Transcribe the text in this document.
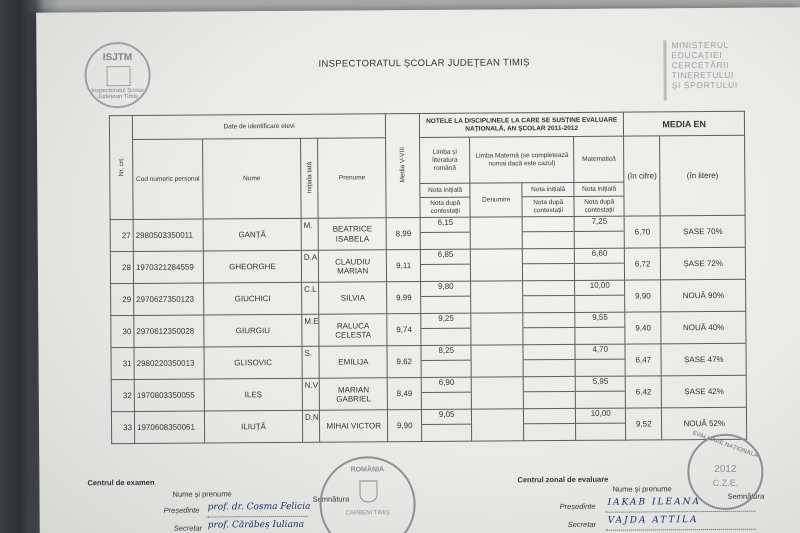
ISJTM
Inspectoratul Școlar Județean Timiș
INSPECTORATUL ȘCOLAR JUDEȚEAN TIMIȘ
MINISTERUL
EDUCAȚIEI
CERCETĂRII
TINERETULUI
ȘI SPORTULUI
Nr. crt.	Date de identificare elevi				Media V-VIII	NOTELE LA DISCIPLINELE LA CARE SE SUSȚINE EVALUARE NAȚIONALĂ, AN ȘCOLAR 2011-2012				MEDIA EN	
	Cod numeric personal	Nume	Inițiala tată	Prenume		Limba și literatura română	Limba Maternă (se completează numai dacă este cazul)		Matematică	(în cifre)	(în litere)
						Nota inițială	Denumire	Nota inițială	Nota inițială		
						Nota după contestații		Nota după contestații	Nota după contestații		
27	2980503350011	GANȚĂ	M.	BEATRICE ISABELA	8,99	6,15			7,25	6,70	ȘASE 70%
28	1970321284559	GHEORGHE	D.A	CLAUDIU MARIAN	9,11	6,85			6,60	6,72	ȘASE 72%
29	2970627350123	GIUCHICI	C.L	SILVIA	9,99	9,80			10,00	9,90	NOUĂ 90%
30	2970612350028	GIURGIU	M.E	RALUCA CELESTA	9,74	9,25			9,55	9,40	NOUĂ 40%
31	2980220350013	GLISOVIC	S.	EMILIJA	9,62	8,25			4,70	6,47	ȘASE 47%
32	1970803350055	ILEȘ	N.V	MARIAN GABRIEL	8,49	6,90			5,95	6,42	ȘASE 42%
33	1970608350061	ILIUȚĂ	D.N	MIHAI VICTOR	9,90	9,05			10,00	9,52	NOUĂ 52%
Centrul de examen
Nume și prenume
Semnătura
Președinte prof. dr. Cosma Felicia
Secretar prof. Cărăbeș Iuliana
ROMÂNIA
CARBENI TIMIȘ
Centrul zonal de evaluare
Nume și prenume
Semnătura
Președinte IAKAB ILEANA
Secretar VAJDA ATTILA
EVALUARE NAȚIONALĂ
2012
C.Z.E.
